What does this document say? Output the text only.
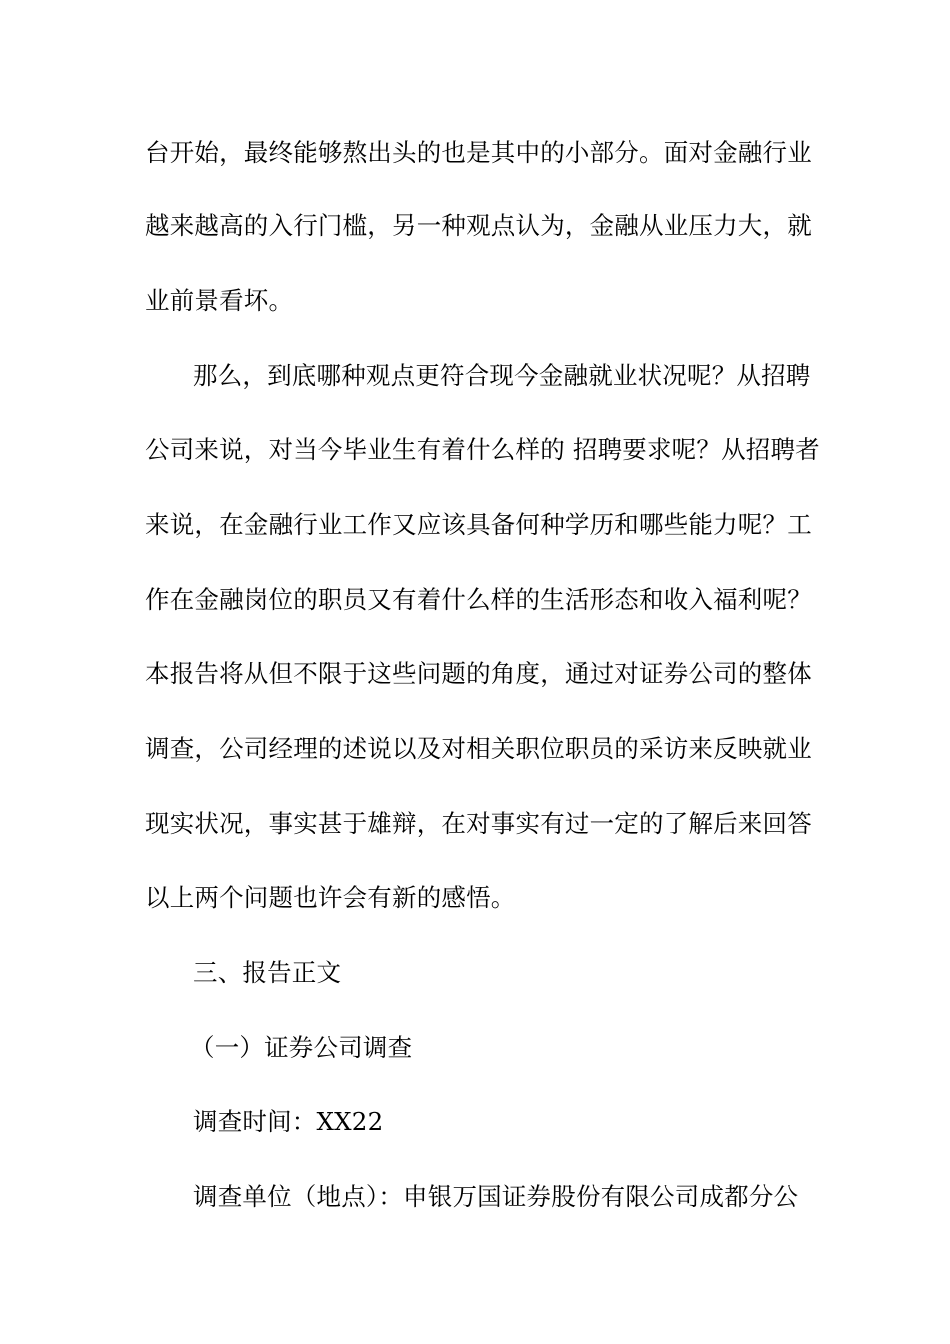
台开始，最终能够熬出头的也是其中的小部分。面对金融行业
越来越高的入行门槛，另一种观点认为，金融从业压力大，就
业前景看坏。
那么，到底哪种观点更符合现今金融就业状况呢？从招聘
公司来说，对当今毕业生有着什么样的 招聘要求呢？从招聘者
来说，在金融行业工作又应该具备何种学历和哪些能力呢？工
作在金融岗位的职员又有着什么样的生活形态和收入福利呢？
本报告将从但不限于这些问题的角度，通过对证券公司的整体
调查，公司经理的述说以及对相关职位职员的采访来反映就业
现实状况，事实甚于雄辩，在对事实有过一定的了解后来回答
以上两个问题也许会有新的感悟。
三、报告正文
（一）证券公司调查
调查时间：XX22
调查单位（地点）：申银万国证券股份有限公司成都分公
